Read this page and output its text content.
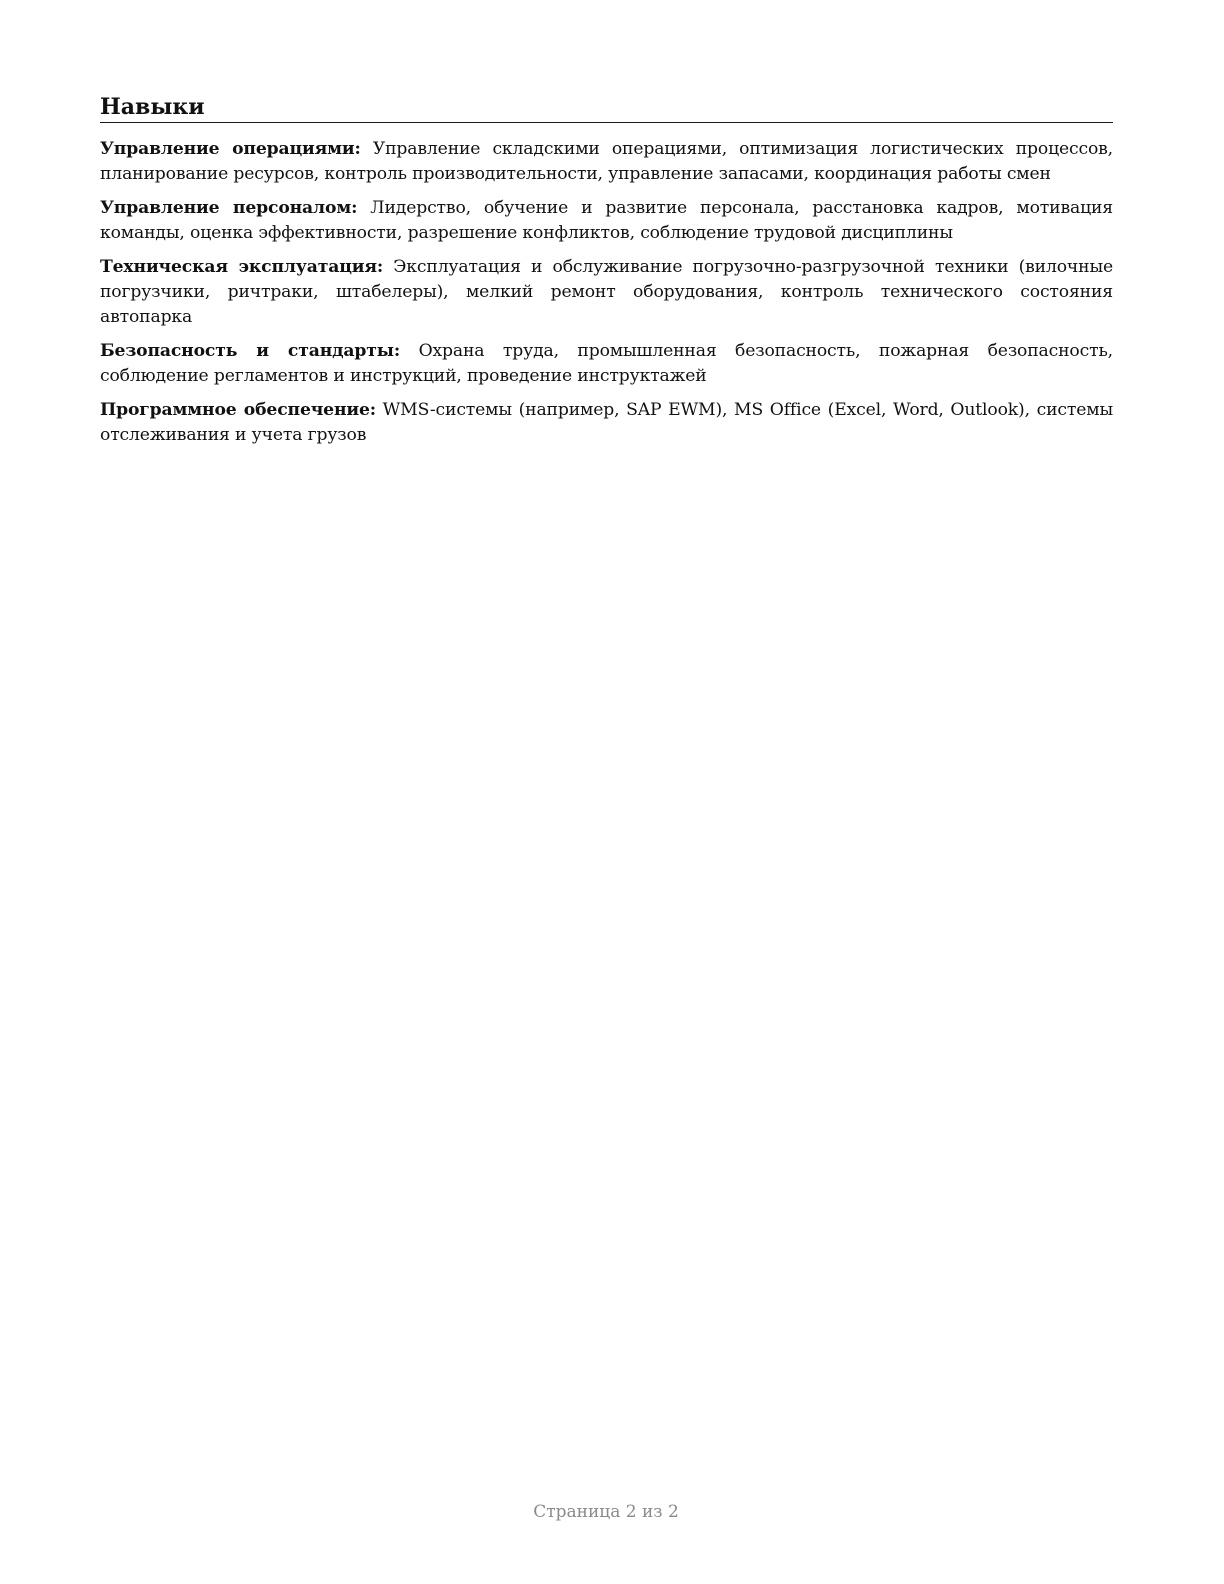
Навыки

Управление операциями: Управление складскими операциями, оптимизация логистических процессов, планирование ресурсов, контроль производительности, управление запасами, координация работы смен

Управление персоналом: Лидерство, обучение и развитие персонала, расстановка кадров, мотивация команды, оценка эффективности, разрешение конфликтов, соблюдение трудовой дисциплины

Техническая эксплуатация: Эксплуатация и обслуживание погрузочно-разгрузочной техники (вилочные погрузчики, ричтраки, штабелеры), мелкий ремонт оборудования, контроль технического состояния автопарка

Безопасность и стандарты: Охрана труда, промышленная безопасность, пожарная безопасность, соблюдение регламентов и инструкций, проведение инструктажей

Программное обеспечение: WMS-системы (например, SAP EWM), MS Office (Excel, Word, Outlook), системы отслеживания и учета грузов

Страница 2 из 2
